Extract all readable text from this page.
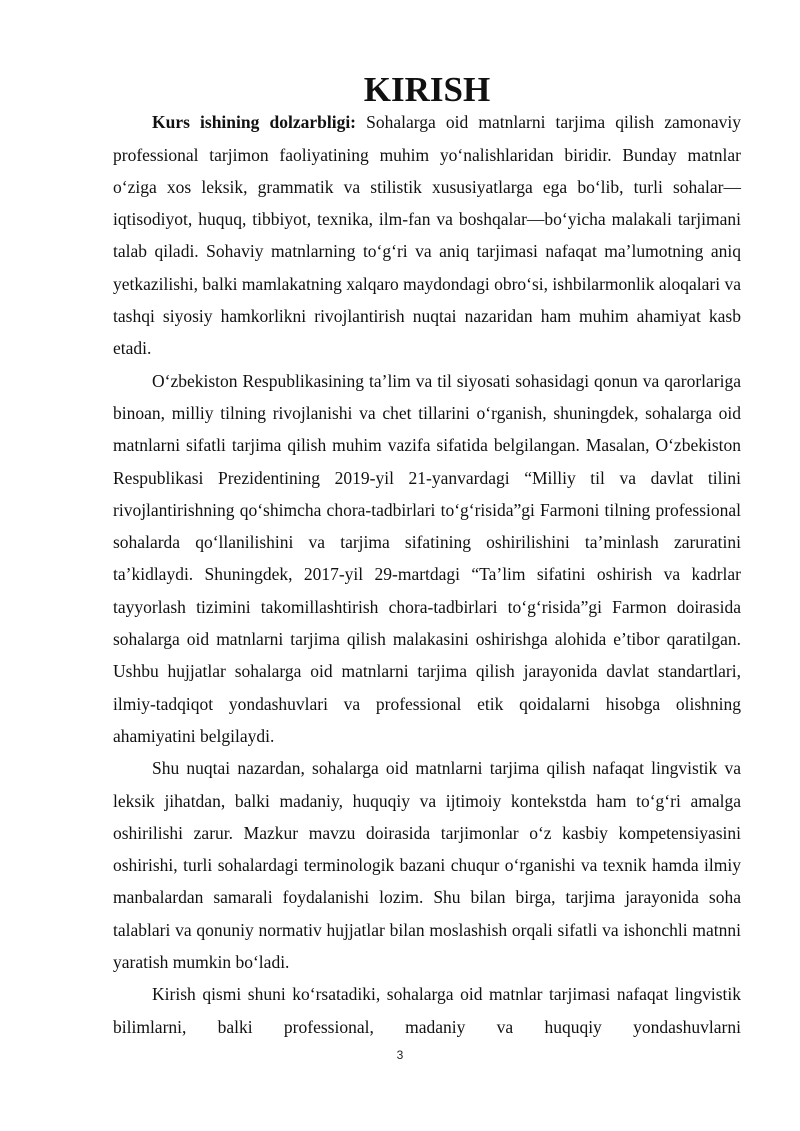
KIRISH

Kurs ishining dolzarbligi: Sohalarga oid matnlarni tarjima qilish zamonaviy professional tarjimon faoliyatining muhim yo‘nalishlaridan biridir. Bunday matnlar o‘ziga xos leksik, grammatik va stilistik xususiyatlarga ega bo‘lib, turli sohalar—iqtisodiyot, huquq, tibbiyot, texnika, ilm-fan va boshqalar—bo‘yicha malakali tarjimani talab qiladi. Sohaviy matnlarning to‘g‘ri va aniq tarjimasi nafaqat ma’lumotning aniq yetkazilishi, balki mamlakatning xalqaro maydondagi obro‘si, ishbilarmonlik aloqalari va tashqi siyosiy hamkorlikni rivojlantirish nuqtai nazaridan ham muhim ahamiyat kasb etadi.

O‘zbekiston Respublikasining ta’lim va til siyosati sohasidagi qonun va qarorlariga binoan, milliy tilning rivojlanishi va chet tillarini o‘rganish, shuningdek, sohalarga oid matnlarni sifatli tarjima qilish muhim vazifa sifatida belgilangan. Masalan, O‘zbekiston Respublikasi Prezidentining 2019-yil 21-yanvardagi “Milliy til va davlat tilini rivojlantirishning qo‘shimcha chora-tadbirlari to‘g‘risida”gi Farmoni tilning professional sohalarda qo‘llanilishini va tarjima sifatining oshirilishini ta’minlash zaruratini ta’kidlaydi. Shuningdek, 2017-yil 29-martdagi “Ta’lim sifatini oshirish va kadrlar tayyorlash tizimini takomillashtirish chora-tadbirlari to‘g‘risida”gi Farmon doirasida sohalarga oid matnlarni tarjima qilish malakasini oshirishga alohida e’tibor qaratilgan. Ushbu hujjatlar sohalarga oid matnlarni tarjima qilish jarayonida davlat standartlari, ilmiy-tadqiqot yondashuvlari va professional etik qoidalarni hisobga olishning ahamiyatini belgilaydi.

Shu nuqtai nazardan, sohalarga oid matnlarni tarjima qilish nafaqat lingvistik va leksik jihatdan, balki madaniy, huquqiy va ijtimoiy kontekstda ham to‘g‘ri amalga oshirilishi zarur. Mazkur mavzu doirasida tarjimonlar o‘z kasbiy kompetensiyasini oshirishi, turli sohalardagi terminologik bazani chuqur o‘rganishi va texnik hamda ilmiy manbalardan samarali foydalanishi lozim. Shu bilan birga, tarjima jarayonida soha talablari va qonuniy normativ hujjatlar bilan moslashish orqali sifatli va ishonchli matnni yaratish mumkin bo‘ladi.

Kirish qismi shuni ko‘rsatadiki, sohalarga oid matnlar tarjimasi nafaqat lingvistik bilimlarni, balki professional, madaniy va huquqiy yondashuvlarni

3
